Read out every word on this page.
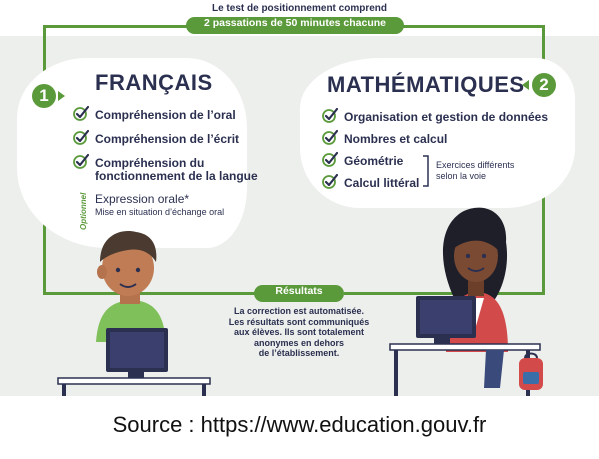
Le test de positionnement comprend
2 passations de 50 minutes chacune
1
2
FRANÇAIS
Compréhension de l’oral
Compréhension de l’écrit
Compréhension du
fonctionnement de la langue
Optionnel Expression orale*
Mise en situation d’échange oral
MATHÉMATIQUES
Organisation et gestion de données
Nombres et calcul
Géométrie
Calcul littéral
Exercices différents
selon la voie
Résultats
La correction est automatisée.
Les résultats sont communiqués
aux élèves. Ils sont totalement
anonymes en dehors
de l’établissement.
Source : https://www.education.gouv.fr
